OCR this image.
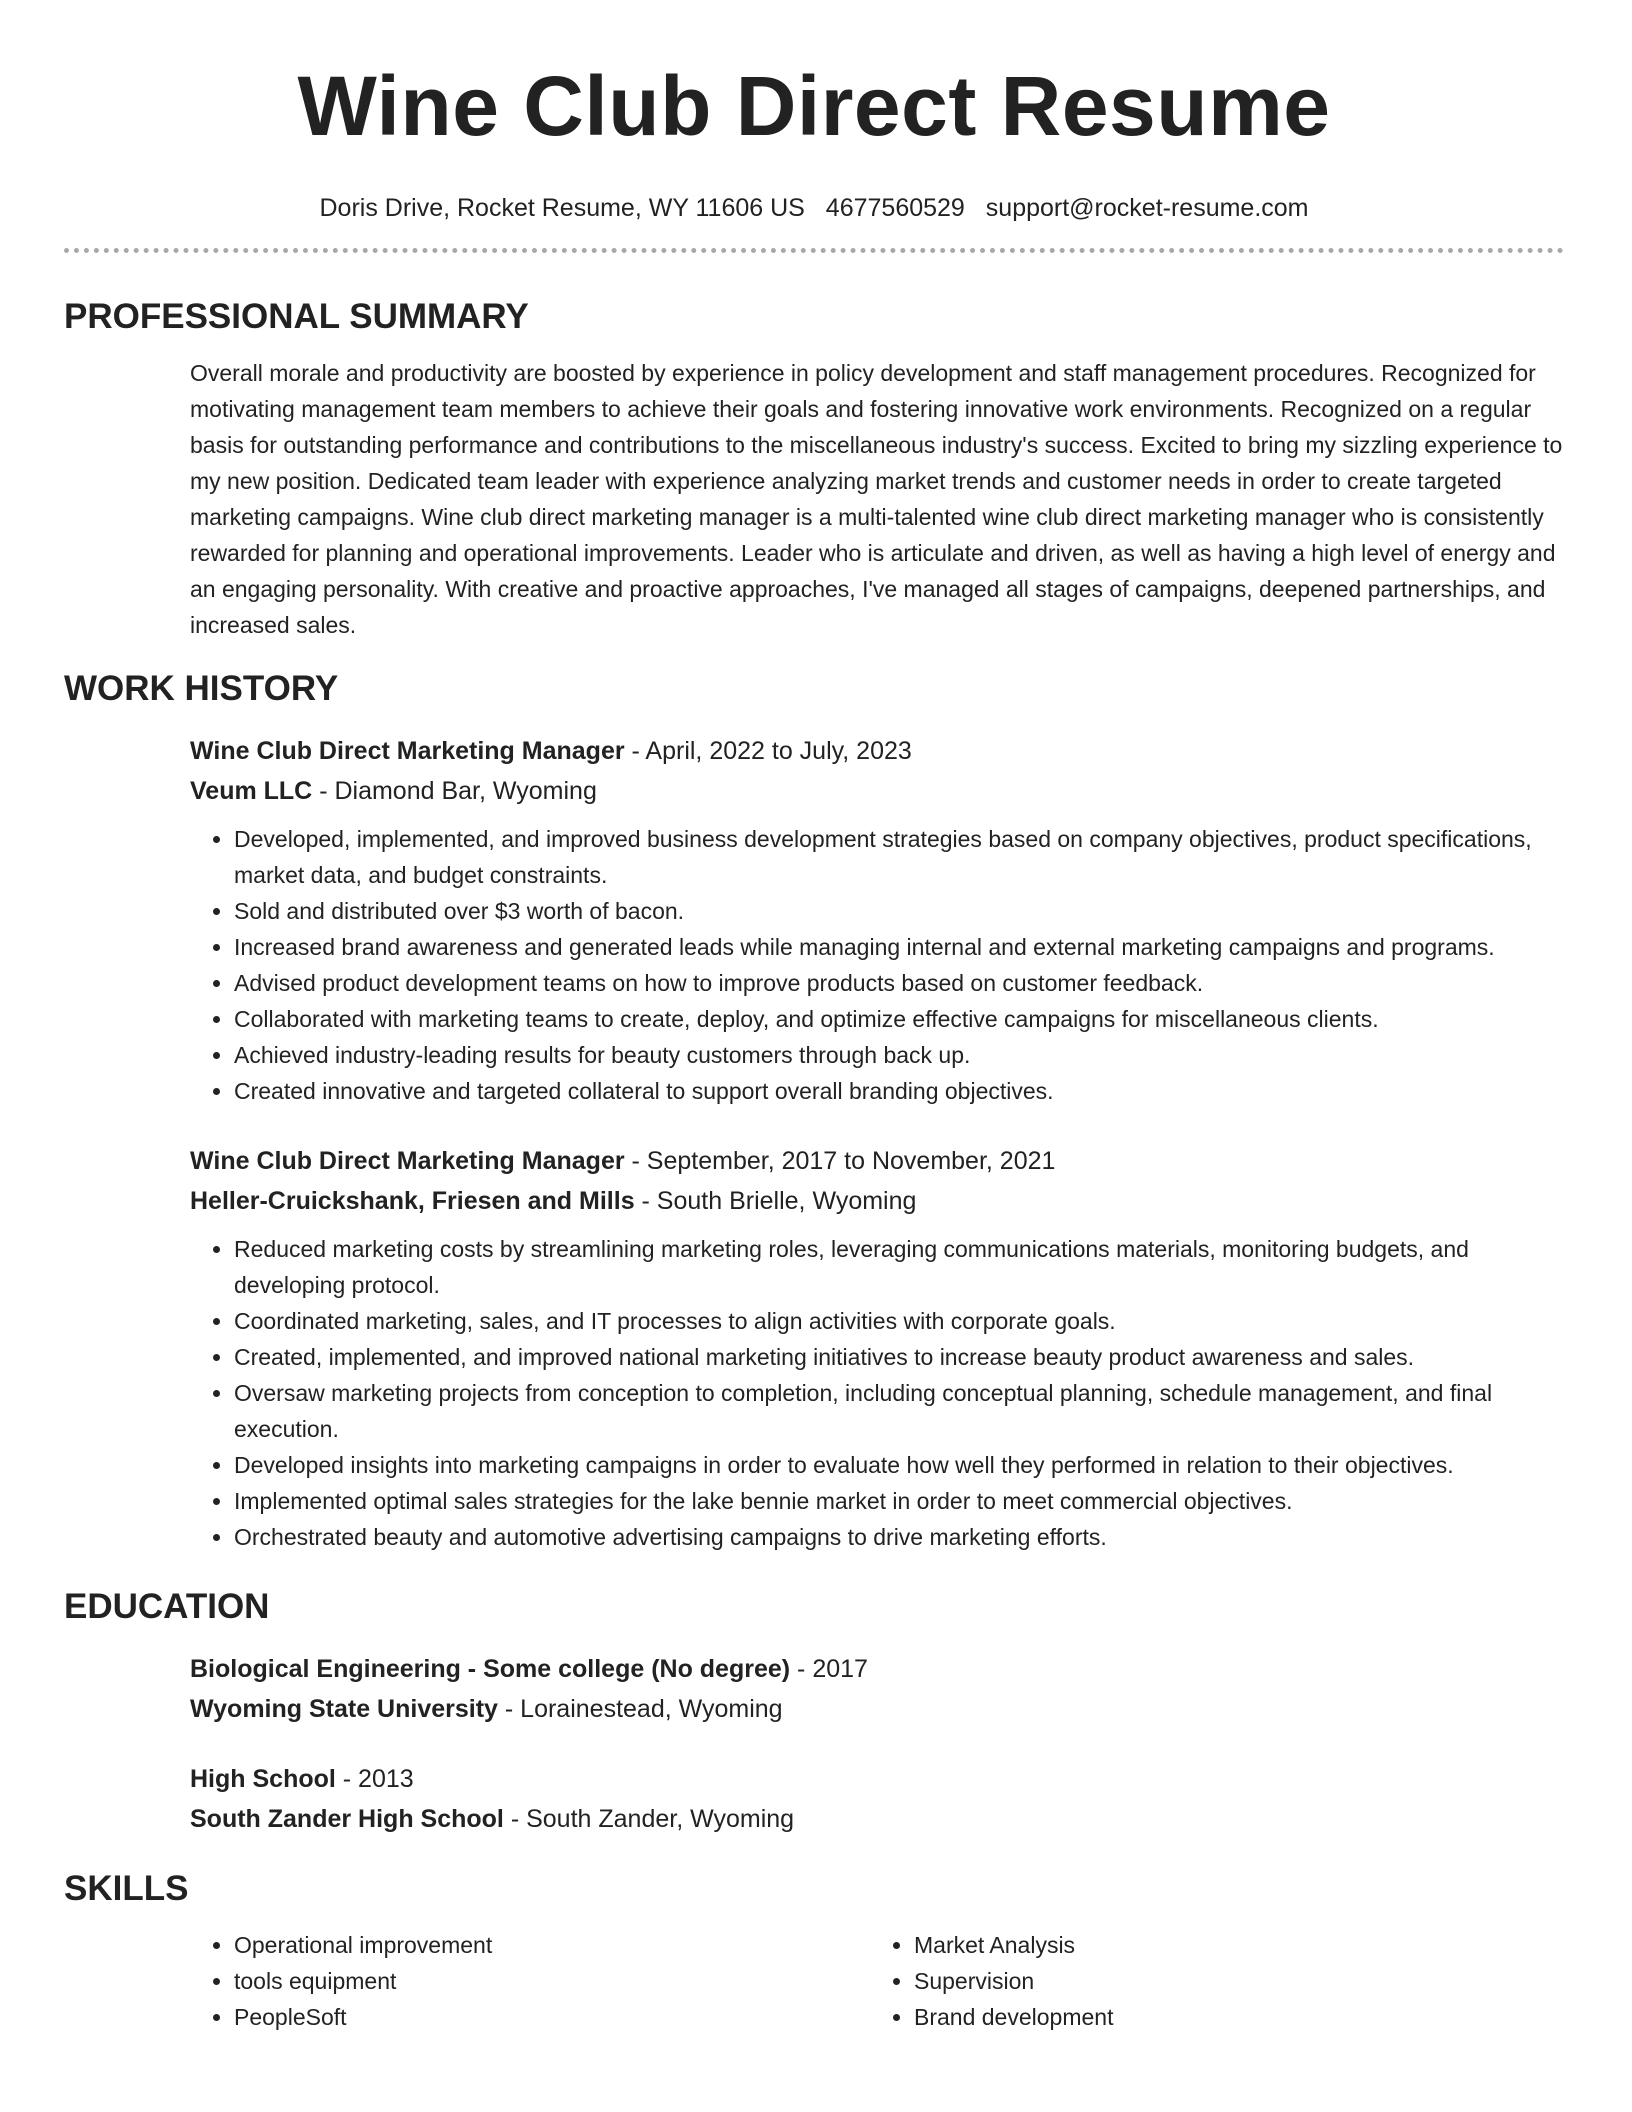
Wine Club Direct Resume
Doris Drive, Rocket Resume, WY 11606 US 4677560529 support@rocket-resume.com
PROFESSIONAL SUMMARY
Overall morale and productivity are boosted by experience in policy development and staff management procedures. Recognized for motivating management team members to achieve their goals and fostering innovative work environments. Recognized on a regular basis for outstanding performance and contributions to the miscellaneous industry's success. Excited to bring my sizzling experience to my new position. Dedicated team leader with experience analyzing market trends and customer needs in order to create targeted marketing campaigns. Wine club direct marketing manager is a multi-talented wine club direct marketing manager who is consistently rewarded for planning and operational improvements. Leader who is articulate and driven, as well as having a high level of energy and an engaging personality. With creative and proactive approaches, I've managed all stages of campaigns, deepened partnerships, and increased sales.
WORK HISTORY
Wine Club Direct Marketing Manager - April, 2022 to July, 2023
Veum LLC - Diamond Bar, Wyoming
• Developed, implemented, and improved business development strategies based on company objectives, product specifications, market data, and budget constraints.
• Sold and distributed over $3 worth of bacon.
• Increased brand awareness and generated leads while managing internal and external marketing campaigns and programs.
• Advised product development teams on how to improve products based on customer feedback.
• Collaborated with marketing teams to create, deploy, and optimize effective campaigns for miscellaneous clients.
• Achieved industry-leading results for beauty customers through back up.
• Created innovative and targeted collateral to support overall branding objectives.
Wine Club Direct Marketing Manager - September, 2017 to November, 2021
Heller-Cruickshank, Friesen and Mills - South Brielle, Wyoming
• Reduced marketing costs by streamlining marketing roles, leveraging communications materials, monitoring budgets, and developing protocol.
• Coordinated marketing, sales, and IT processes to align activities with corporate goals.
• Created, implemented, and improved national marketing initiatives to increase beauty product awareness and sales.
• Oversaw marketing projects from conception to completion, including conceptual planning, schedule management, and final execution.
• Developed insights into marketing campaigns in order to evaluate how well they performed in relation to their objectives.
• Implemented optimal sales strategies for the lake bennie market in order to meet commercial objectives.
• Orchestrated beauty and automotive advertising campaigns to drive marketing efforts.
EDUCATION
Biological Engineering - Some college (No degree) - 2017
Wyoming State University - Lorainestead, Wyoming
High School - 2013
South Zander High School - South Zander, Wyoming
SKILLS
• Operational improvement
• tools equipment
• PeopleSoft
• Market Analysis
• Supervision
• Brand development
